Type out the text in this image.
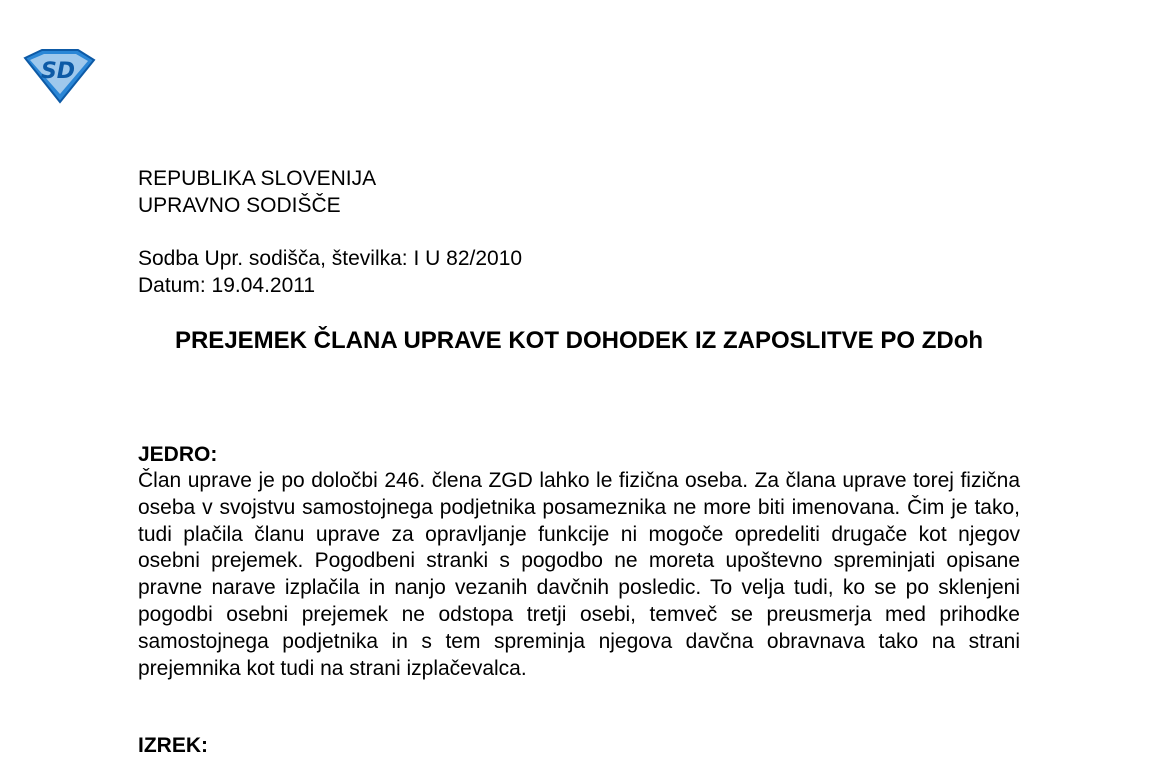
SD
REPUBLIKA SLOVENIJA
UPRAVNO SODIŠČE
Sodba Upr. sodišča, številka: I U 82/2010
Datum: 19.04.2011
PREJEMEK ČLANA UPRAVE KOT DOHODEK IZ ZAPOSLITVE PO ZDoh
JEDRO:
Član uprave je po določbi 246. člena ZGD lahko le fizična oseba. Za člana uprave torej fizična oseba v svojstvu samostojnega podjetnika posameznika ne more biti imenovana. Čim je tako, tudi plačila članu uprave za opravljanje funkcije ni mogoče opredeliti drugače kot njegov osebni prejemek. Pogodbeni stranki s pogodbo ne moreta upoštevno spreminjati opisane pravne narave izplačila in nanjo vezanih davčnih posledic. To velja tudi, ko se po sklenjeni pogodbi osebni prejemek ne odstopa tretji osebi, temveč se preusmerja med prihodke samostojnega podjetnika in s tem spreminja njegova davčna obravnava tako na strani prejemnika kot tudi na strani izplačevalca.
IZREK:
